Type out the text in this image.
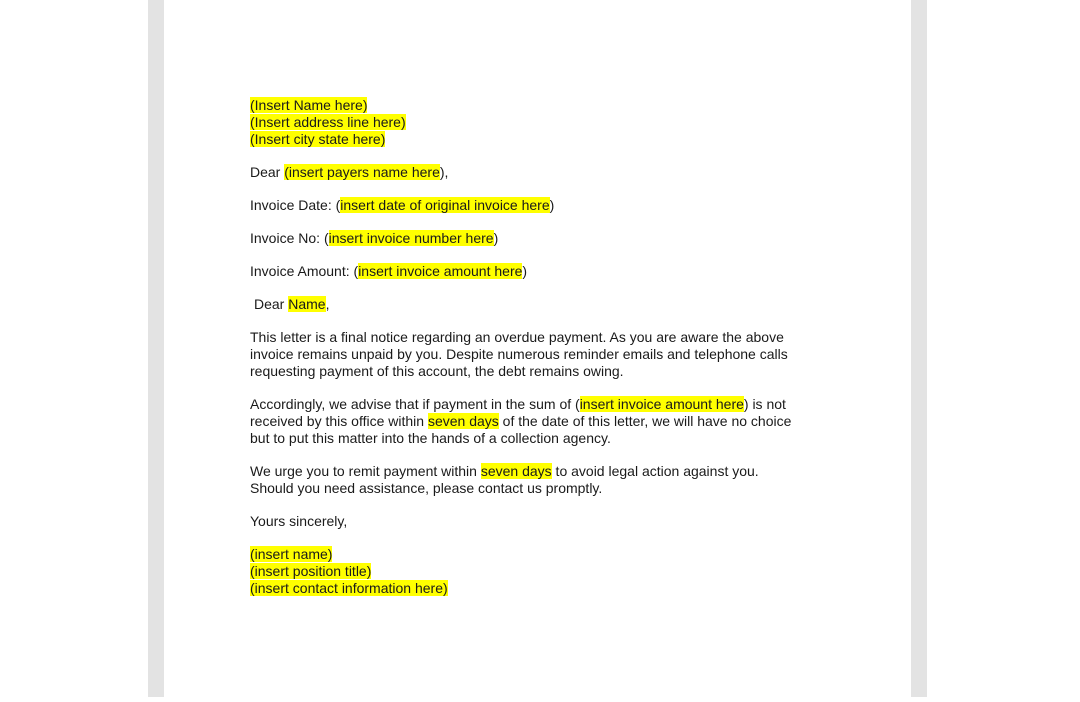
(Insert Name here)
(Insert address line here)
(Insert city state here)
Dear (insert payers name here),
Invoice Date: (insert date of original invoice here)
Invoice No: (insert invoice number here)
Invoice Amount: (insert invoice amount here)
Dear Name,
This letter is a final notice regarding an overdue payment. As you are aware the above
invoice remains unpaid by you. Despite numerous reminder emails and telephone calls
requesting payment of this account, the debt remains owing.
Accordingly, we advise that if payment in the sum of (insert invoice amount here) is not
received by this office within seven days of the date of this letter, we will have no choice
but to put this matter into the hands of a collection agency.
We urge you to remit payment within seven days to avoid legal action against you.
Should you need assistance, please contact us promptly.
Yours sincerely,
(insert name)
(insert position title)
(insert contact information here)
